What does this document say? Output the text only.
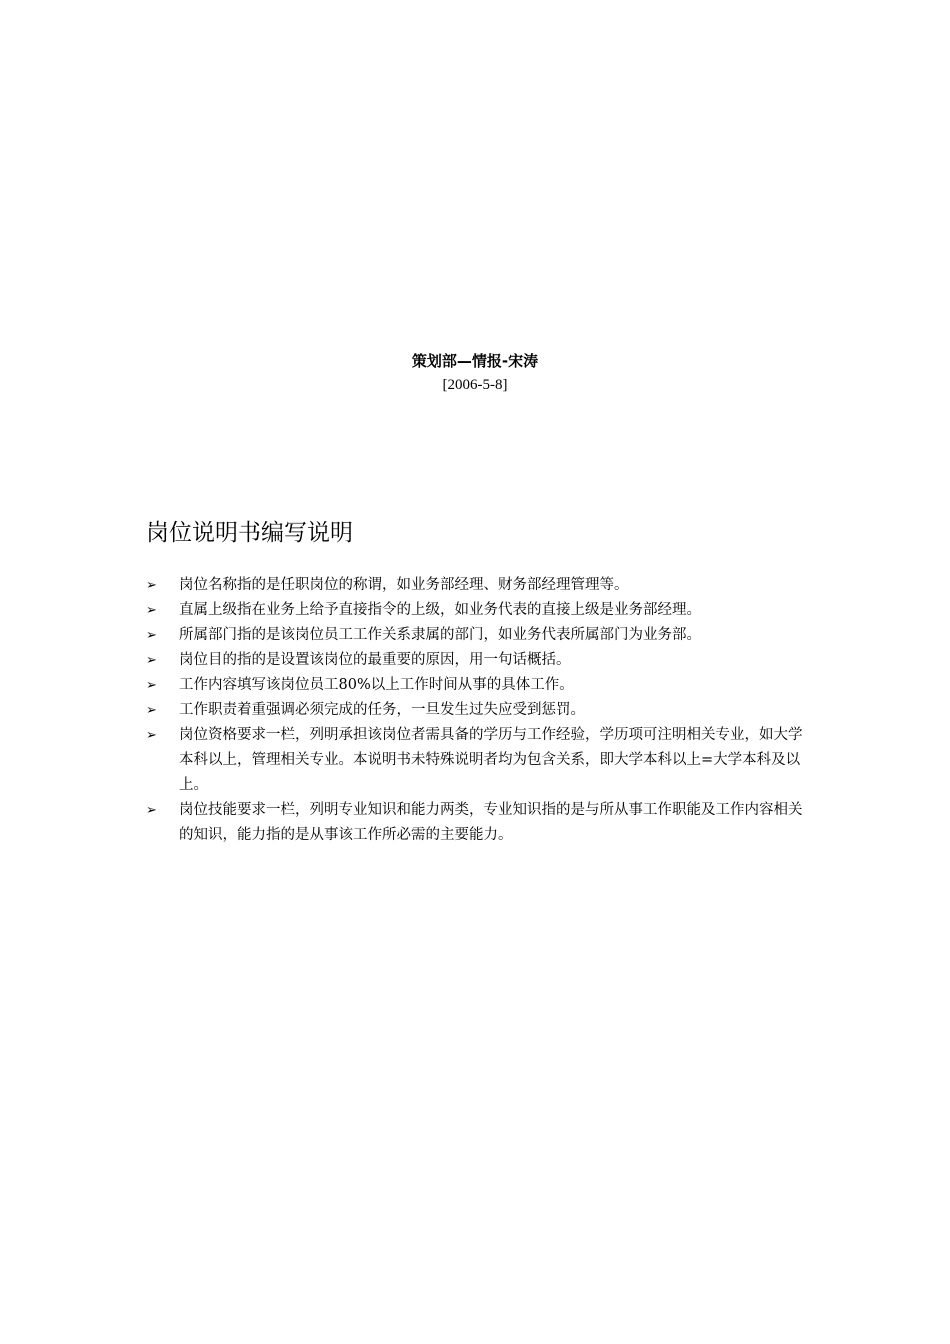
策划部—情报-宋涛
[2006-5-8]
岗位说明书编写说明
➢ 岗位名称指的是任职岗位的称谓，如业务部经理、财务部经理管理等。
➢ 直属上级指在业务上给予直接指令的上级，如业务代表的直接上级是业务部经理。
➢ 所属部门指的是该岗位员工工作关系隶属的部门，如业务代表所属部门为业务部。
➢ 岗位目的指的是设置该岗位的最重要的原因，用一句话概括。
➢ 工作内容填写该岗位员工80%以上工作时间从事的具体工作。
➢ 工作职责着重强调必须完成的任务，一旦发生过失应受到惩罚。
➢ 岗位资格要求一栏，列明承担该岗位者需具备的学历与工作经验，学历项可注明相关专业，如大学本科以上，管理相关专业。本说明书未特殊说明者均为包含关系，即大学本科以上=大学本科及以上。
➢ 岗位技能要求一栏，列明专业知识和能力两类，专业知识指的是与所从事工作职能及工作内容相关的知识，能力指的是从事该工作所必需的主要能力。
